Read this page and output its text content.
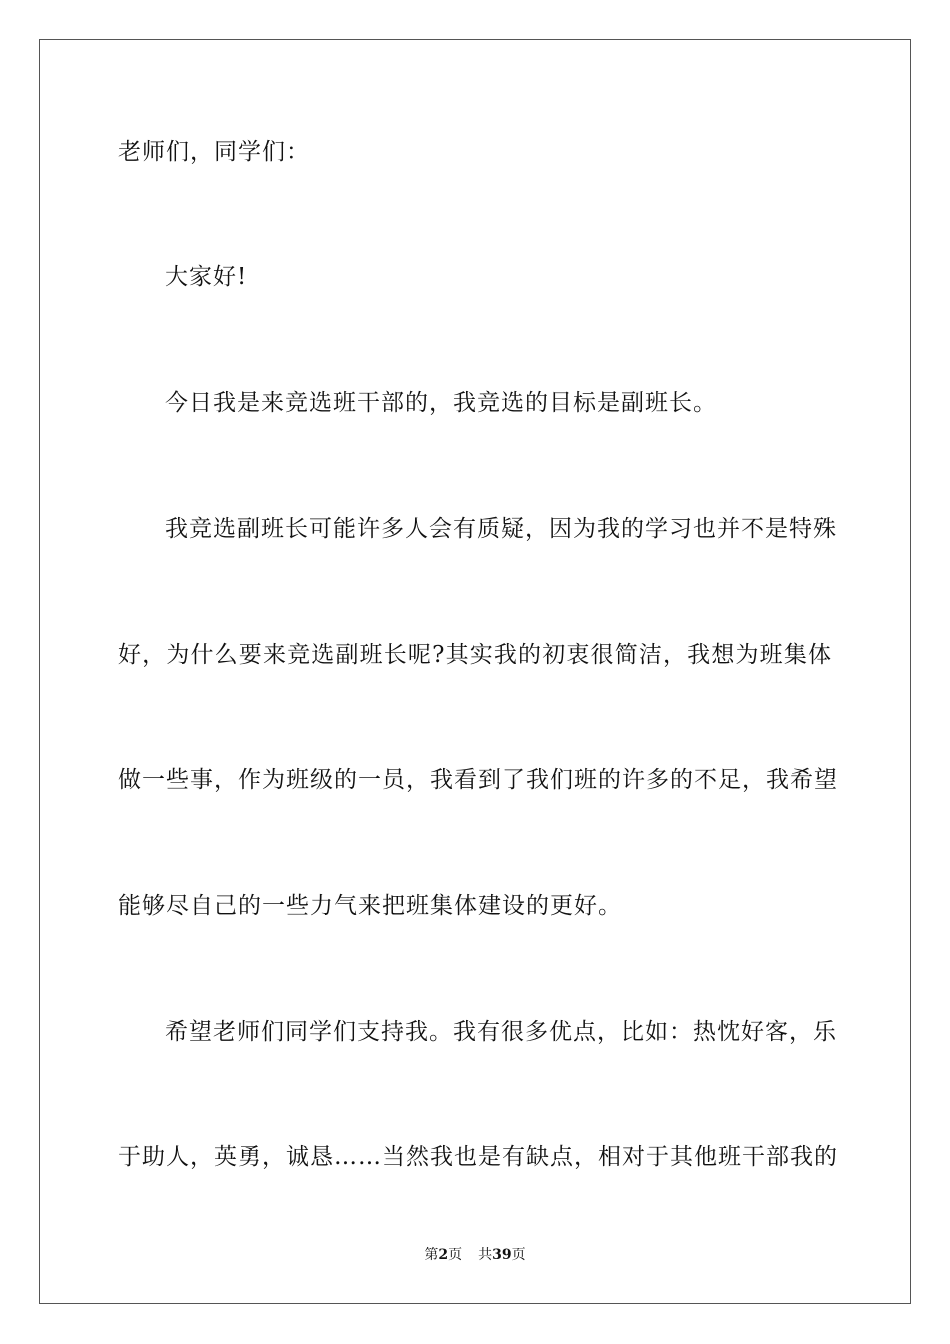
老师们，同学们：
大家好!
今日我是来竞选班干部的，我竞选的目标是副班长。
我竞选副班长可能许多人会有质疑，因为我的学习也并不是特殊
好，为什么要来竞选副班长呢?其实我的初衷很简洁，我想为班集体
做一些事，作为班级的一员，我看到了我们班的许多的不足，我希望
能够尽自己的一些力气来把班集体建设的更好。
希望老师们同学们支持我。我有很多优点，比如：热忱好客，乐
于助人，英勇，诚恳……当然我也是有缺点，相对于其他班干部我的
第2页 共39页
